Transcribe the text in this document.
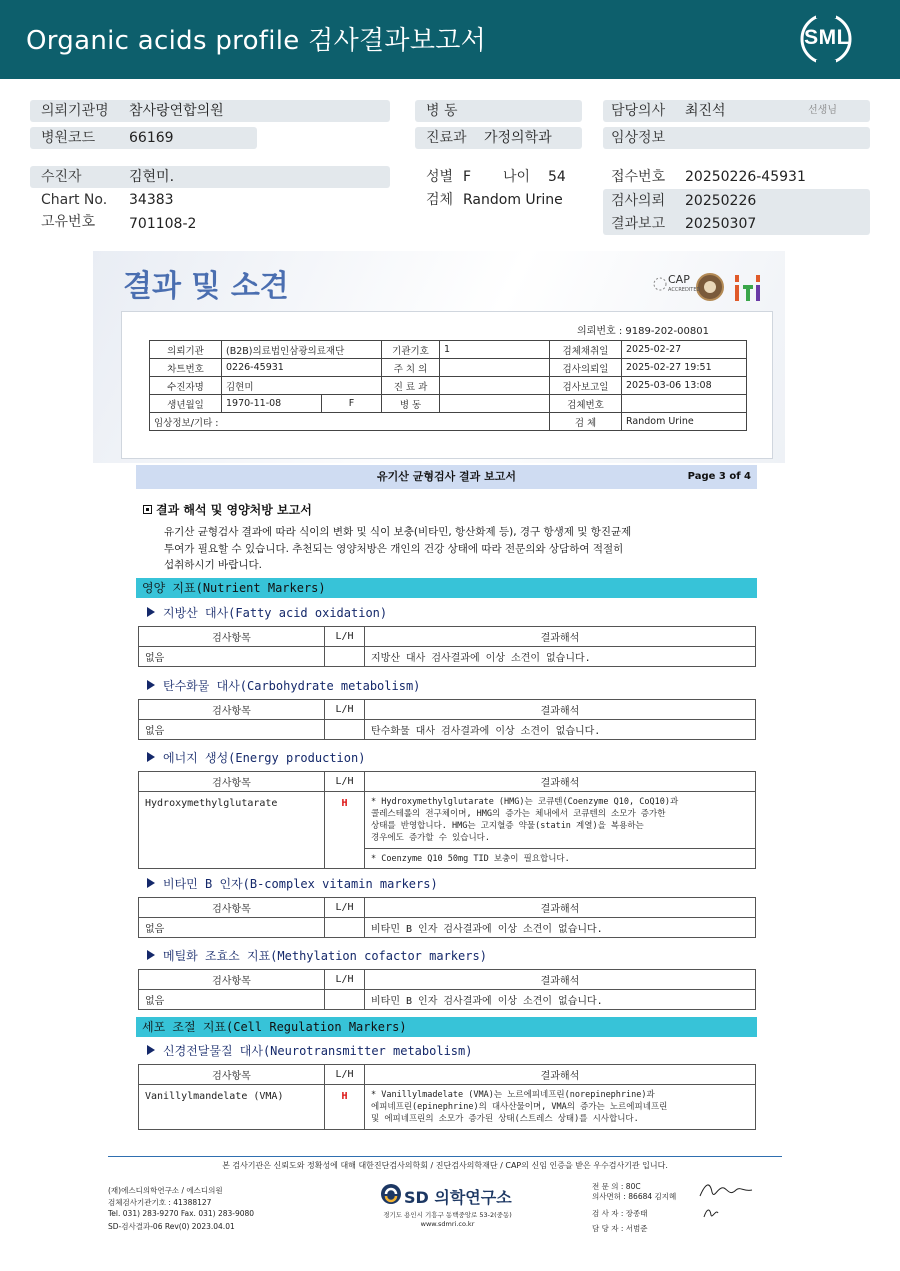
Organic acids profile 검사결과보고서	SML
의뢰기관명 참사랑연합의원
병원코드 66169
병 동
진료과 가정의학과
담당의사 최진석	선생님
임상정보
수진자	김현미.
Chart No. 34383
고유번호 701108-2
성별 F 나이 54
검체 Random Urine
접수번호 20250226-45931
검사의뢰 20250226
결과보고 20250307
결과 및 소견	CAP
ACCREDITED
의뢰번호 : 9189-202-00801
의뢰기관	(B2B)의료법인삼광의료재단		기관기호	1	검체채취일	2025-02-27
차트번호	0226-45931		주 치 의		검사의뢰일	2025-02-27 19:51
수진자명	김현미		진 료 과		검사보고일	2025-03-06 13:08
생년월일	1970-11-08	F	병 동		검체번호	
임상정보/기타 :					검 체	Random Urine
유기산 균형검사 결과 보고서	Page 3 of 4
결과 해석 및 영양처방 보고서
유기산 균형검사 결과에 따라 식이의 변화 및 식이 보충(비타민, 항산화제 등), 경구 항생제 및 항진균제
투여가 필요할 수 있습니다. 추천되는 영양처방은 개인의 건강 상태에 따라 전문의와 상담하여 적절히
섭취하시기 바랍니다.
영양 지표(Nutrient Markers)
지방산 대사(Fatty acid oxidation)
검사항목	L/H	결과해석
없음		지방산 대사 검사결과에 이상 소견이 없습니다.
탄수화물 대사(Carbohydrate metabolism)
검사항목	L/H	결과해석
없음		탄수화물 대사 검사결과에 이상 소견이 없습니다.
에너지 생성(Energy production)
검사항목	L/H	결과해석
Hydroxymethylglutarate	H	* Hydroxymethylglutarate (HMG)는 코큐텐(Coenzyme Q10, CoQ10)과
콜레스테롤의 전구체이며, HMG의 증가는 체내에서 코큐텐의 소모가 증가한
상태를 반영합니다. HMG는 고지혈증 약물(statin 계열)을 복용하는
경우에도 증가할 수 있습니다.

		* Coenzyme Q10 50mg TID 보충이 필요합니다.
비타민 B 인자(B-complex vitamin markers)
검사항목	L/H	결과해석
없음		비타민 B 인자 검사결과에 이상 소견이 없습니다.
메틸화 조효소 지표(Methylation cofactor markers)
검사항목	L/H	결과해석
없음		비타민 B 인자 검사결과에 이상 소견이 없습니다.
세포 조절 지표(Cell Regulation Markers)
신경전달물질 대사(Neurotransmitter metabolism)
검사항목	L/H	결과해석
Vanillylmandelate (VMA)	H	* Vanillylmadelate (VMA)는 노르에피네프린(norepinephrine)과
에피네프린(epinephrine)의 대사산물이며, VMA의 증가는 노르에피네프린
및 에피네프린의 소모가 증가된 상태(스트레스 상태)를 시사합니다.
본 검사기관은 신뢰도와 정확성에 대해 대한진단검사의학회 / 진단검사의학재단 / CAP의 신임 인증을 받은 우수검사기관 입니다.
(재)에스디의학연구소 / 에스디의원
검체검사기관기호 : 41388127
Tel. 031) 283-9270 Fax. 031) 283-9080
SD-검사결과-06 Rev(0) 2023.04.01
SD 의학연구소
경기도 용인시 기흥구 동백중앙로 53-2(중동)
www.sdmri.co.kr
전 문 의 : 80C
의사면허 : 86684 김지혜
검 사 자 : 장종태
담 당 자 : 서범준
